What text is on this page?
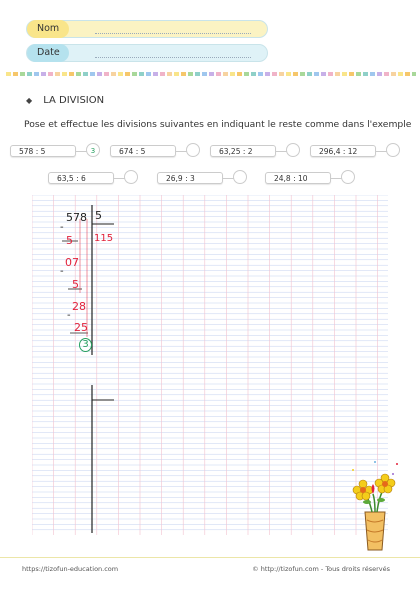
Nom
Date
◆ LA DIVISION
Pose et effectue les divisions suivantes en indiquant le reste comme dans l'exemple
578 : 5	3	674 : 5	63,25 : 2	296,4 : 12
63,5 : 6	26,9 : 3	24,8 : 10
578 5
115
-
5
07
-
5
28
-
25
3
https://tizofun-education.com	© http://tizofun.com - Tous droits réservés
